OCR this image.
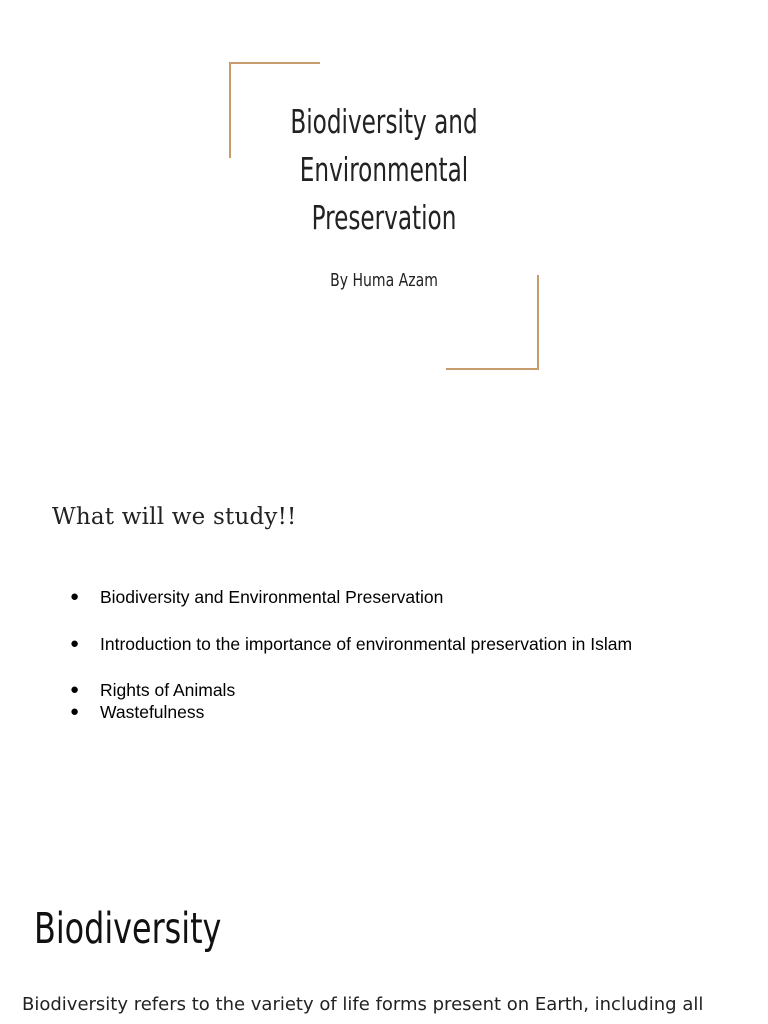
Biodiversity and
Environmental
Preservation
By Huma Azam
What will we study!!
● Biodiversity and Environmental Preservation
● Introduction to the importance of environmental preservation in Islam
● Rights of Animals
● Wastefulness
Biodiversity
Biodiversity refers to the variety of life forms present on Earth, including all
